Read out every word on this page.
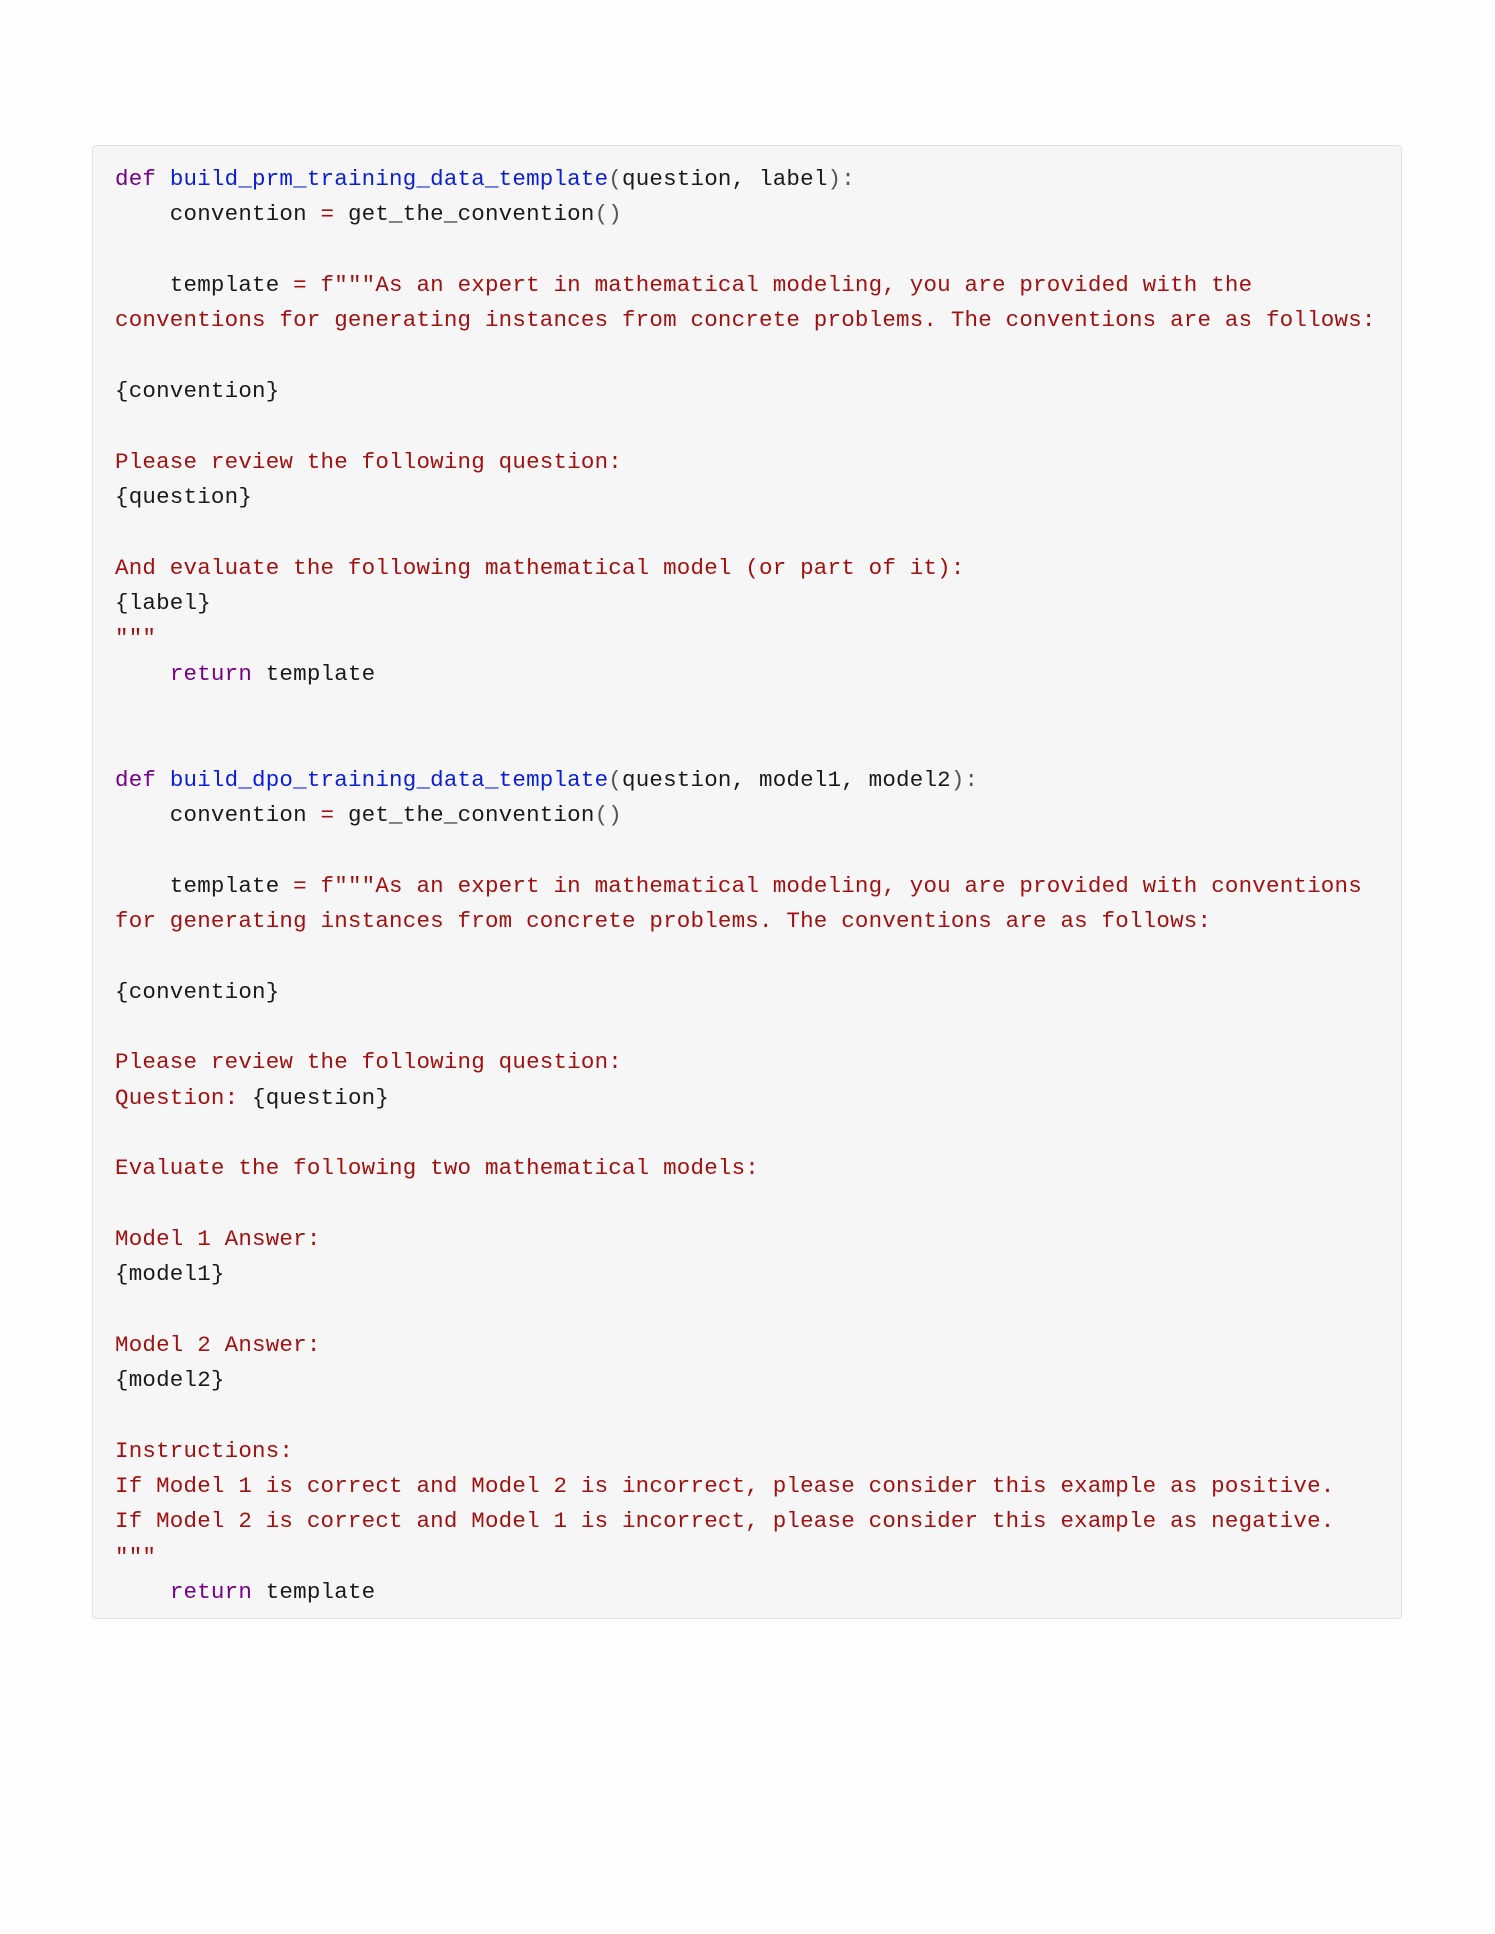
def build_prm_training_data_template(question, label):
convention = get_the_convention()

template = f"""As an expert in mathematical modeling, you are provided with the
conventions for generating instances from concrete problems. The conventions are as follows:

{convention}

Please review the following question:
{question}

And evaluate the following mathematical model (or part of it):
{label}
"""
return template

def build_dpo_training_data_template(question, model1, model2):
convention = get_the_convention()

template = f"""As an expert in mathematical modeling, you are provided with conventions
for generating instances from concrete problems. The conventions are as follows:

{convention}

Please review the following question:
Question: {question}

Evaluate the following two mathematical models:

Model 1 Answer:
{model1}

Model 2 Answer:
{model2}

Instructions:
If Model 1 is correct and Model 2 is incorrect, please consider this example as positive.
If Model 2 is correct and Model 1 is incorrect, please consider this example as negative.
"""
return template
